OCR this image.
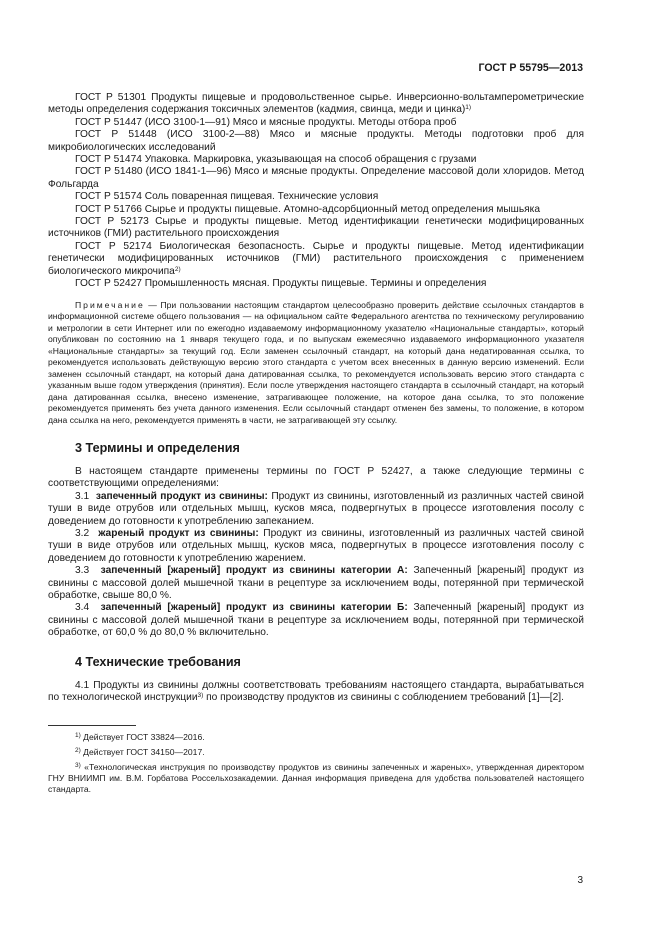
ГОСТ Р 55795—2013

ГОСТ Р 51301 Продукты пищевые и продовольственное сырье. Инверсионно-вольтамперометрические методы определения содержания токсичных элементов (кадмия, свинца, меди и цинка)$^{1)}$

ГОСТ Р 51447 (ИСО 3100-1—91) Мясо и мясные продукты. Методы отбора проб

ГОСТ Р 51448 (ИСО 3100-2—88) Мясо и мясные продукты. Методы подготовки проб для микробиологических исследований

ГОСТ Р 51474 Упаковка. Маркировка, указывающая на способ обращения с грузами

ГОСТ Р 51480 (ИСО 1841-1—96) Мясо и мясные продукты. Определение массовой доли хлоридов. Метод Фольгарда

ГОСТ Р 51574 Соль поваренная пищевая. Технические условия

ГОСТ Р 51766 Сырье и продукты пищевые. Атомно-адсорбционный метод определения мышьяка

ГОСТ Р 52173 Сырье и продукты пищевые. Метод идентификации генетически модифицированных источников (ГМИ) растительного происхождения

ГОСТ Р 52174 Биологическая безопасность. Сырье и продукты пищевые. Метод идентификации генетически модифицированных источников (ГМИ) растительного происхождения с применением биологического микрочипа$^{2)}$

ГОСТ Р 52427 Промышленность мясная. Продукты пищевые. Термины и определения

Примечание — При пользовании настоящим стандартом целесообразно проверить действие ссылочных стандартов в информационной системе общего пользования — на официальном сайте Федерального агентства по техническому регулированию и метрологии в сети Интернет или по ежегодно издаваемому информационному указателю «Национальные стандарты», который опубликован по состоянию на 1 января текущего года, и по выпускам ежемесячно издаваемого информационного указателя «Национальные стандарты» за текущий год. Если заменен ссылочный стандарт, на который дана недатированная ссылка, то рекомендуется использовать действующую версию этого стандарта с учетом всех внесенных в данную версию изменений. Если заменен ссылочный стандарт, на который дана датированная ссылка, то рекомендуется использовать версию этого стандарта с указанным выше годом утверждения (принятия). Если после утверждения настоящего стандарта в ссылочный стандарт, на который дана датированная ссылка, внесено изменение, затрагивающее положение, на которое дана ссылка, то это положение рекомендуется применять без учета данного изменения. Если ссылочный стандарт отменен без замены, то положение, в котором дана ссылка на него, рекомендуется применять в части, не затрагивающей эту ссылку.

3 Термины и определения

В настоящем стандарте применены термины по ГОСТ Р 52427, а также следующие термины с соответствующими определениями:

3.1 запеченный продукт из свинины: Продукт из свинины, изготовленный из различных частей свиной туши в виде отрубов или отдельных мышц, кусков мяса, подвергнутых в процессе изготовления посолу с доведением до готовности к употреблению запеканием.

3.2 жареный продукт из свинины: Продукт из свинины, изготовленный из различных частей свиной туши в виде отрубов или отдельных мышц, кусков мяса, подвергнутых в процессе изготовления посолу с доведением до готовности к употреблению жарением.

3.3 запеченный [жареный] продукт из свинины категории А: Запеченный [жареный] продукт из свинины с массовой долей мышечной ткани в рецептуре за исключением воды, потерянной при термической обработке, свыше 80,0 %.

3.4 запеченный [жареный] продукт из свинины категории Б: Запеченный [жареный] продукт из свинины с массовой долей мышечной ткани в рецептуре за исключением воды, потерянной при термической обработке, от 60,0 % до 80,0 % включительно.

4 Технические требования

4.1 Продукты из свинины должны соответствовать требованиям настоящего стандарта, вырабатываться по технологической инструкции$^{3)}$ по производству продуктов из свинины с соблюдением требований [1]—[2].

$^{1)}$ Действует ГОСТ 33824—2016.

$^{2)}$ Действует ГОСТ 34150—2017.

$^{3)}$ «Технологическая инструкция по производству продуктов из свинины запеченных и жареных», утвержденная директором ГНУ ВНИИМП им. В.М. Горбатова Россельхозакадемии. Данная информация приведена для удобства пользователей настоящего стандарта.

3
